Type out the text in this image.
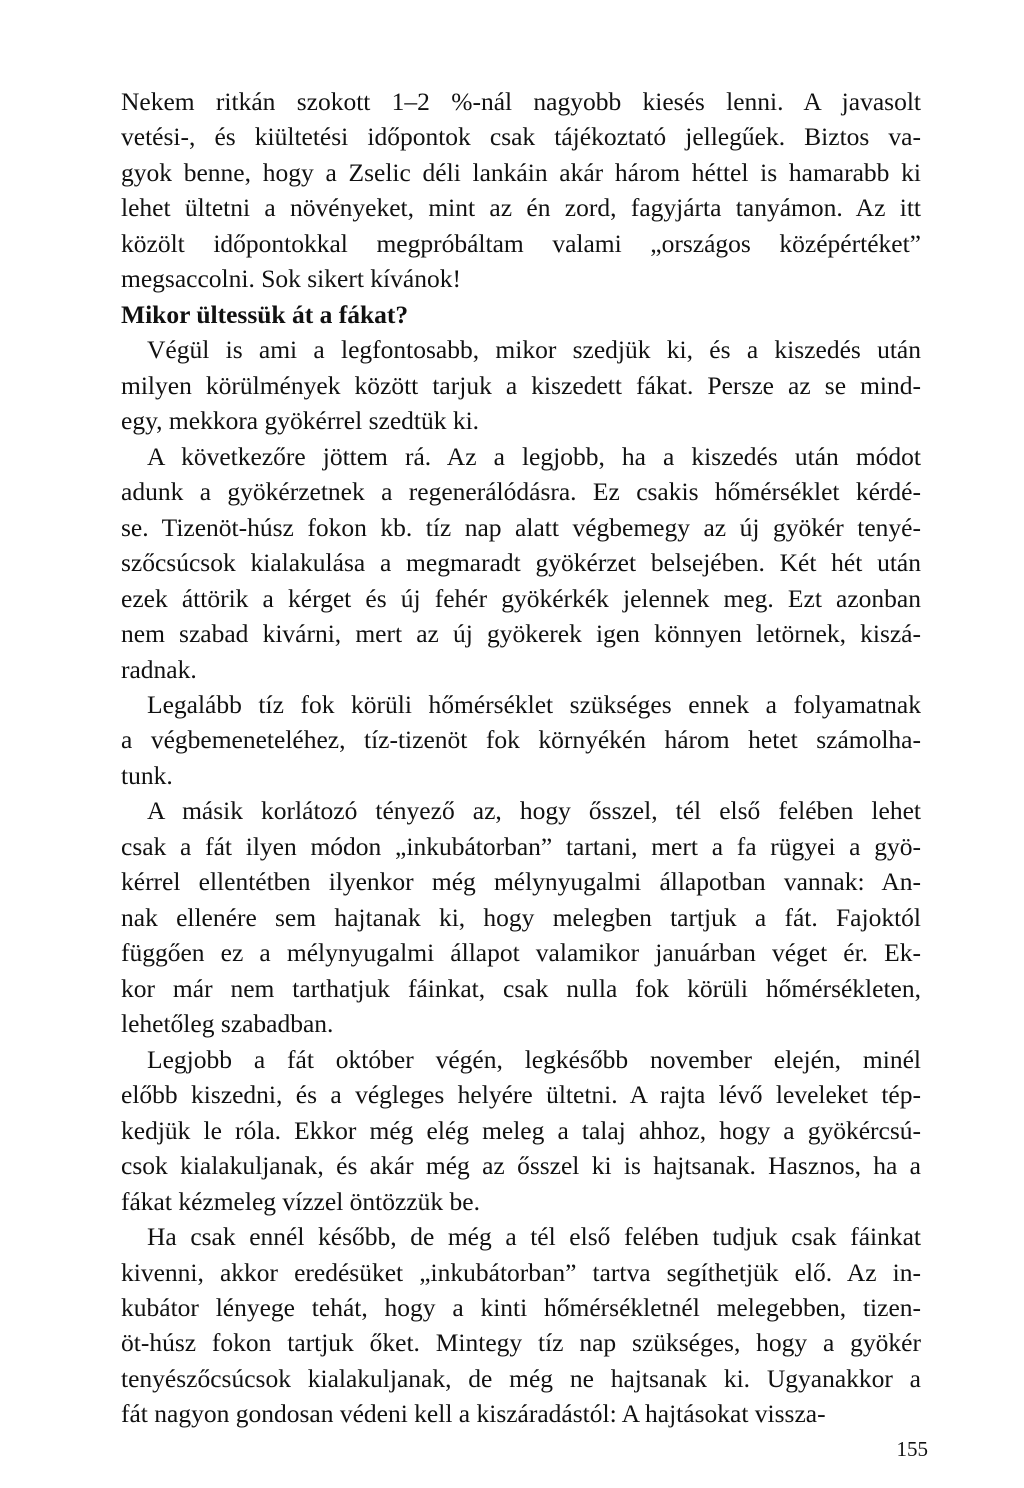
Nekem ritkán szokott 1–2 %-nál nagyobb kiesés lenni. A javasolt
vetési-, és kiültetési időpontok csak tájékoztató jellegűek. Biztos va-
gyok benne, hogy a Zselic déli lankáin akár három héttel is hamarabb ki
lehet ültetni a növényeket, mint az én zord, fagyjárta tanyámon. Az itt
közölt időpontokkal megpróbáltam valami „országos középértéket”
megsaccolni. Sok sikert kívánok!
Mikor ültessük át a fákat?
Végül is ami a legfontosabb, mikor szedjük ki, és a kiszedés után
milyen körülmények között tarjuk a kiszedett fákat. Persze az se mind-
egy, mekkora gyökérrel szedtük ki.
A következőre jöttem rá. Az a legjobb, ha a kiszedés után módot
adunk a gyökérzetnek a regenerálódásra. Ez csakis hőmérséklet kérdé-
se. Tizenöt-húsz fokon kb. tíz nap alatt végbemegy az új gyökér tenyé-
szőcsúcsok kialakulása a megmaradt gyökérzet belsejében. Két hét után
ezek áttörik a kérget és új fehér gyökérkék jelennek meg. Ezt azonban
nem szabad kivárni, mert az új gyökerek igen könnyen letörnek, kiszá-
radnak.
Legalább tíz fok körüli hőmérséklet szükséges ennek a folyamatnak
a végbemeneteléhez, tíz-tizenöt fok környékén három hetet számolha-
tunk.
A másik korlátozó tényező az, hogy ősszel, tél első felében lehet
csak a fát ilyen módon „inkubátorban” tartani, mert a fa rügyei a gyö-
kérrel ellentétben ilyenkor még mélynyugalmi állapotban vannak: An-
nak ellenére sem hajtanak ki, hogy melegben tartjuk a fát. Fajoktól
függően ez a mélynyugalmi állapot valamikor januárban véget ér. Ek-
kor már nem tarthatjuk fáinkat, csak nulla fok körüli hőmérsékleten,
lehetőleg szabadban.
Legjobb a fát október végén, legkésőbb november elején, minél
előbb kiszedni, és a végleges helyére ültetni. A rajta lévő leveleket tép-
kedjük le róla. Ekkor még elég meleg a talaj ahhoz, hogy a gyökércsú-
csok kialakuljanak, és akár még az ősszel ki is hajtsanak. Hasznos, ha a
fákat kézmeleg vízzel öntözzük be.
Ha csak ennél később, de még a tél első felében tudjuk csak fáinkat
kivenni, akkor eredésüket „inkubátorban” tartva segíthetjük elő. Az in-
kubátor lényege tehát, hogy a kinti hőmérsékletnél melegebben, tizen-
öt-húsz fokon tartjuk őket. Mintegy tíz nap szükséges, hogy a gyökér
tenyészőcsúcsok kialakuljanak, de még ne hajtsanak ki. Ugyanakkor a
fát nagyon gondosan védeni kell a kiszáradástól: A hajtásokat vissza-
155
